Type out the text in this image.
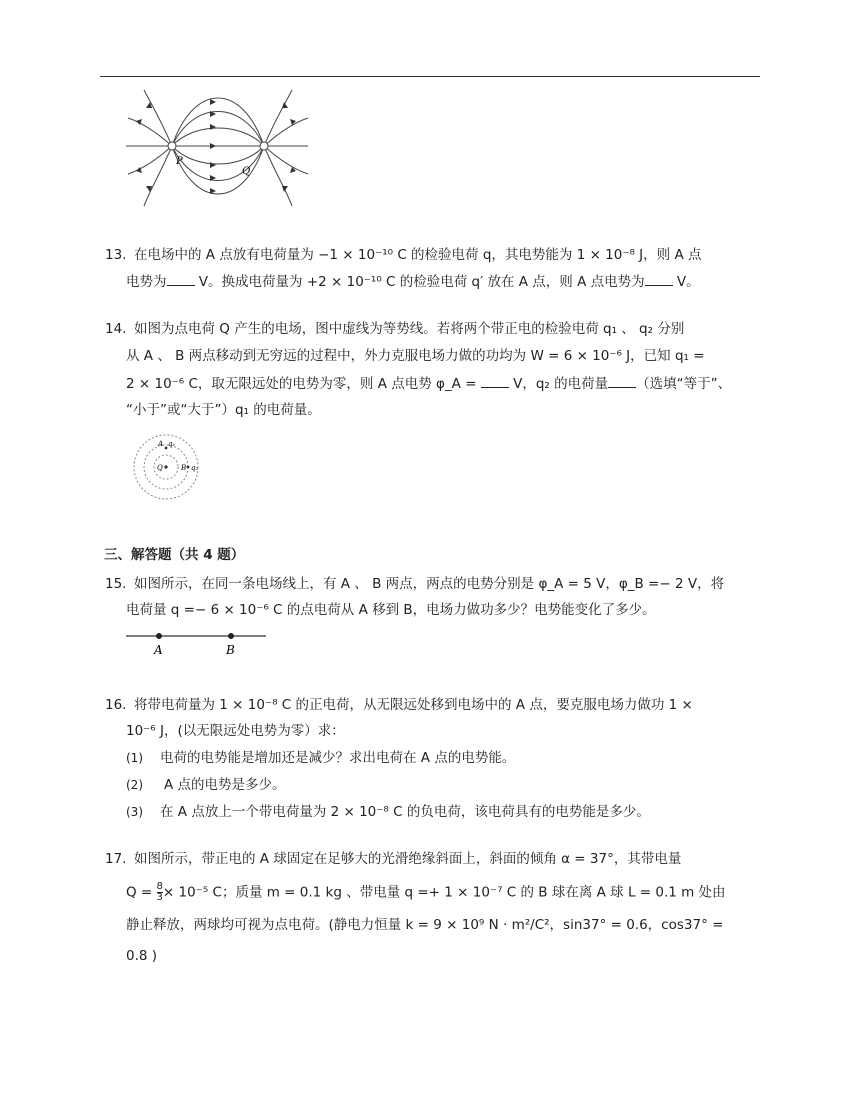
P
Q
13. 在电场中的 A 点放有电荷量为 −1 × 10⁻¹⁰ C 的检验电荷 q，其电势能为 1 × 10⁻⁸ J，则 A 点
电势为 V。换成电荷量为 +2 × 10⁻¹⁰ C 的检验电荷 q′ 放在 A 点，则 A 点电势为 V。
14. 如图为点电荷 Q 产生的电场，图中虚线为等势线。若将两个带正电的检验电荷 q₁ 、 q₂ 分别
从 A 、 B 两点移动到无穷远的过程中，外力克服电场力做的功均为 W = 6 × 10⁻⁶ J，已知 q₁ =
2 × 10⁻⁶ C，取无限远处的电势为零，则 A 点电势 φ_A =  V，q₂ 的电荷量 （选填“等于”、
“小于”或“大于”）q₁ 的电荷量。
A q₁
Q	B q₂
三、解答题（共 4 题）
15. 如图所示，在同一条电场线上，有 A 、 B 两点，两点的电势分别是 φ_A = 5 V，φ_B =− 2 V，将
电荷量 q =− 6 × 10⁻⁶ C 的点电荷从 A 移到 B，电场力做功多少？电势能变化了多少。
A	B
16. 将带电荷量为 1 × 10⁻⁸ C 的正电荷，从无限远处移到电场中的 A 点，要克服电场力做功 1 ×
10⁻⁶ J，(以无限远处电势为零）求：
(1) 电荷的电势能是增加还是减少？求出电荷在 A 点的电势能。
(2) A 点的电势是多少。
(3) 在 A 点放上一个带电荷量为 2 × 10⁻⁸ C 的负电荷，该电荷具有的电势能是多少。
17. 如图所示，带正电的 A 球固定在足够大的光滑绝缘斜面上，斜面的倾角 α = 37°，其带电量
$Q = \frac{8}{3} \times 10^{-5}$ C；质量 m = 0.1 kg 、带电量 q =+ 1 × 10⁻⁷ C 的 B 球在离 A 球 L = 0.1 m 处由
静止释放，两球均可视为点电荷。(静电力恒量 k = 9 × 10⁹ N · m²/C²，sin37° = 0.6，cos37° =
0.8 )
